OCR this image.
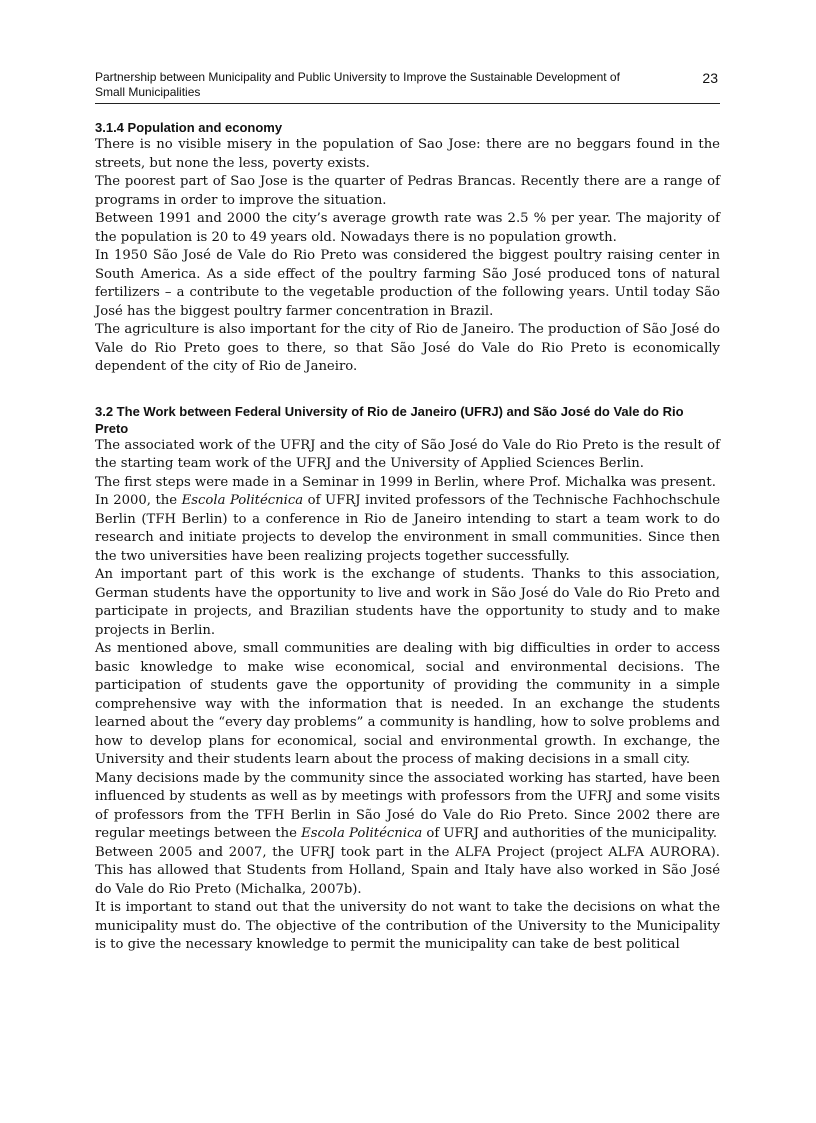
Partnership between Municipality and Public University to Improve the Sustainable Development of Small Municipalities
23
3.1.4 Population and economy

There is no visible misery in the population of Sao Jose: there are no beggars found in the streets, but none the less, poverty exists.

The poorest part of Sao Jose is the quarter of Pedras Brancas. Recently there are a range of programs in order to improve the situation.

Between 1991 and 2000 the city’s average growth rate was 2.5 % per year. The majority of the population is 20 to 49 years old. Nowadays there is no population growth.

In 1950 São José de Vale do Rio Preto was considered the biggest poultry raising center in South America. As a side effect of the poultry farming São José produced tons of natural fertilizers – a contribute to the vegetable production of the following years. Until today São José has the biggest poultry farmer concentration in Brazil.

The agriculture is also important for the city of Rio de Janeiro. The production of São José do Vale do Rio Preto goes to there, so that São José do Vale do Rio Preto is economically dependent of the city of Rio de Janeiro.

3.2 The Work between Federal University of Rio de Janeiro (UFRJ) and São José do Vale do Rio Preto

The associated work of the UFRJ and the city of São José do Vale do Rio Preto is the result of the starting team work of the UFRJ and the University of Applied Sciences Berlin.

The first steps were made in a Seminar in 1999 in Berlin, where Prof. Michalka was present.

In 2000, the Escola Politécnica of UFRJ invited professors of the Technische Fachhochschule Berlin (TFH Berlin) to a conference in Rio de Janeiro intending to start a team work to do research and initiate projects to develop the environment in small communities. Since then the two universities have been realizing projects together successfully.

An important part of this work is the exchange of students. Thanks to this association, German students have the opportunity to live and work in São José do Vale do Rio Preto and participate in projects, and Brazilian students have the opportunity to study and to make projects in Berlin.

As mentioned above, small communities are dealing with big difficulties in order to access basic knowledge to make wise economical, social and environmental decisions. The participation of students gave the opportunity of providing the community in a simple comprehensive way with the information that is needed. In an exchange the students learned about the “every day problems” a community is handling, how to solve problems and how to develop plans for economical, social and environmental growth. In exchange, the University and their students learn about the process of making decisions in a small city.

Many decisions made by the community since the associated working has started, have been influenced by students as well as by meetings with professors from the UFRJ and some visits of professors from the TFH Berlin in São José do Vale do Rio Preto. Since 2002 there are regular meetings between the Escola Politécnica of UFRJ and authorities of the municipality.

Between 2005 and 2007, the UFRJ took part in the ALFA Project (project ALFA AURORA). This has allowed that Students from Holland, Spain and Italy have also worked in São José do Vale do Rio Preto (Michalka, 2007b).

It is important to stand out that the university do not want to take the decisions on what the municipality must do. The objective of the contribution of the University to the Municipality is to give the necessary knowledge to permit the municipality can take de best political
